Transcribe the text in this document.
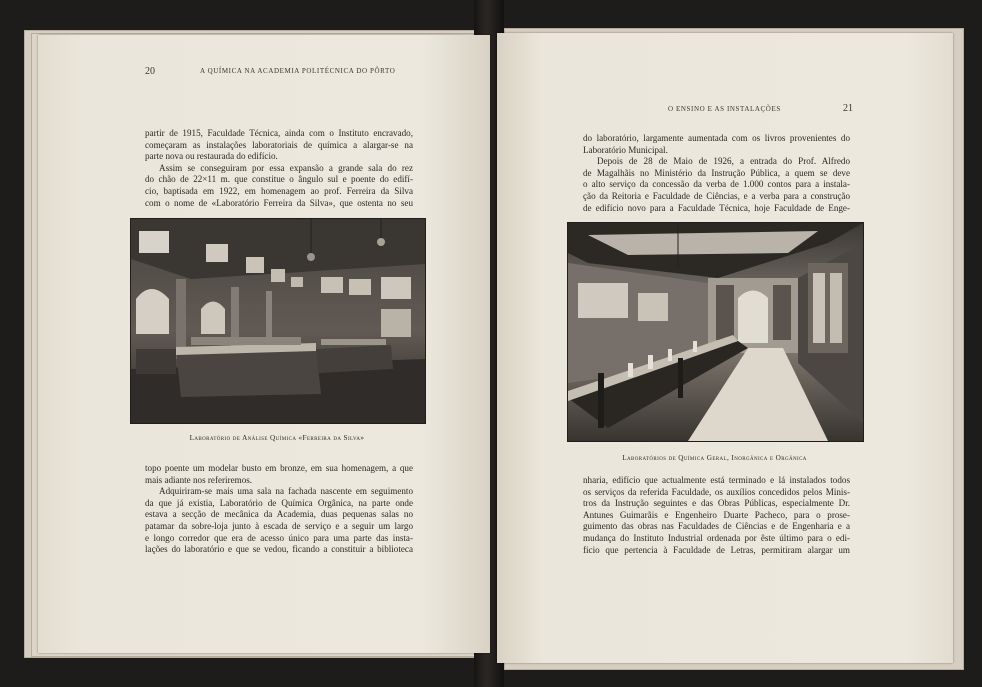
20	A QUÍMICA NA ACADEMIA POLITÉCNICA DO PÔRTO
partir de 1915, Faculdade Técnica, ainda com o Instituto encravado,
começaram as instalações laboratoriais de química a alargar-se na
parte nova ou restaurada do edifício.
Assim se conseguiram por essa expansão a grande sala do rez
do chão de 22×11 m. que constitue o ângulo sul e poente do edifí-
cio, baptisada em 1922, em homenagem ao prof. Ferreira da Silva
com o nome de «Laboratório Ferreira da Silva», que ostenta no seu
Laboratório de Análise Química «Ferreira da Silva»
topo poente um modelar busto em bronze, em sua homenagem, a que
mais adiante nos referiremos.
Adquiriram-se mais uma sala na fachada nascente em seguimento
da que já existia, Laboratório de Química Orgânica, na parte onde
estava a secção de mecânica da Academia, duas pequenas salas no
patamar da sobre-loja junto à escada de serviço e a seguir um largo
e longo corredor que era de acesso único para uma parte das insta-
lações do laboratório e que se vedou, ficando a constituir a biblioteca
O ENSINO E AS INSTALAÇÕES	21
do laboratório, largamente aumentada com os livros provenientes do
Laboratório Municipal.
Depois de 28 de Maio de 1926, a entrada do Prof. Alfredo
de Magalhãis no Ministério da Instrução Pública, a quem se deve
o alto serviço da concessão da verba de 1.000 contos para a instala-
ção da Reitoria e Faculdade de Ciências, e a verba para a construção
de edifício novo para a Faculdade Técnica, hoje Faculdade de Enge-
Laboratórios de Química Geral, Inorgânica e Orgânica
nharia, edifício que actualmente está terminado e lá instalados todos
os serviços da referida Faculdade, os auxílios concedidos pelos Minis-
tros da Instrução seguintes e das Obras Públicas, especialmente Dr.
Antunes Guimarãis e Engenheiro Duarte Pacheco, para o prose-
guimento das obras nas Faculdades de Ciências e de Engenharia e a
mudança do Instituto Industrial ordenada por êste último para o edi-
fício que pertencia à Faculdade de Letras, permitiram alargar um
